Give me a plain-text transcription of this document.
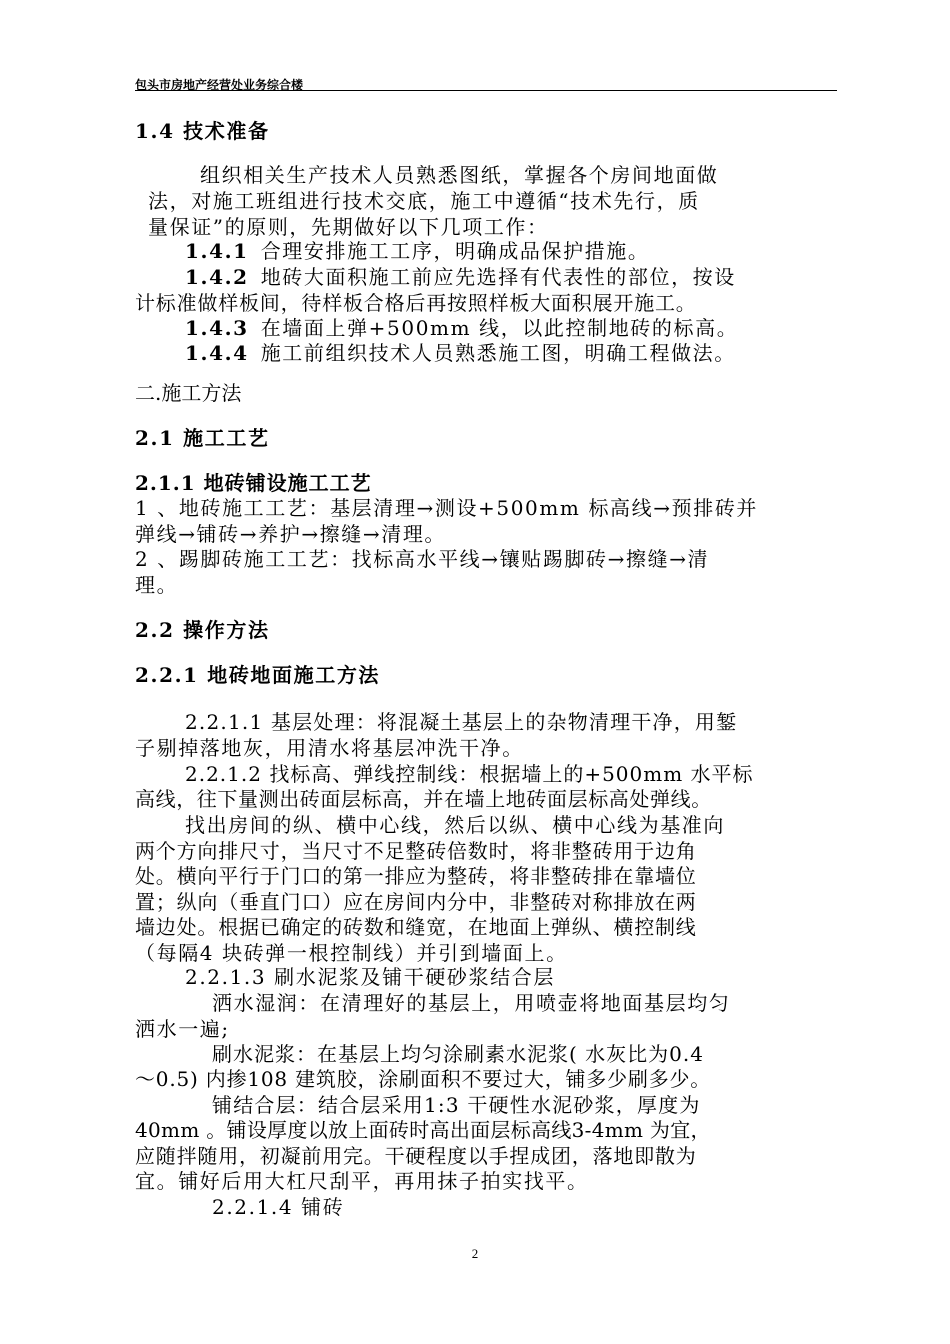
包头市房地产经营处业务综合楼
1.4 技术准备
组织相关生产技术人员熟悉图纸，掌握各个房间地面做
法，对施工班组进行技术交底，施工中遵循“技术先行，质
量保证”的原则，先期做好以下几项工作：
1.4.1 合理安排施工工序，明确成品保护措施。
1.4.2 地砖大面积施工前应先选择有代表性的部位，按设
计标准做样板间，待样板合格后再按照样板大面积展开施工。
1.4.3 在墙面上弹+500mm 线，以此控制地砖的标高。
1.4.4 施工前组织技术人员熟悉施工图，明确工程做法。
二.施工方法
2.1 施工工艺
2.1.1 地砖铺设施工工艺
1 、地砖施工工艺：基层清理→测设+500mm 标高线→预排砖并
弹线→铺砖→养护→擦缝→清理。
2 、踢脚砖施工工艺：找标高水平线→镶贴踢脚砖→擦缝→清
理。
2.2 操作方法
2.2.1 地砖地面施工方法
2.2.1.1 基层处理：将混凝土基层上的杂物清理干净，用錾
子剔掉落地灰，用清水将基层冲洗干净。
2.2.1.2 找标高、弹线控制线：根据墙上的+500mm 水平标
高线，往下量测出砖面层标高，并在墙上地砖面层标高处弹线。
找出房间的纵、横中心线，然后以纵、横中心线为基准向
两个方向排尺寸，当尺寸不足整砖倍数时，将非整砖用于边角
处。横向平行于门口的第一排应为整砖，将非整砖排在靠墙位
置；纵向（垂直门口）应在房间内分中，非整砖对称排放在两
墙边处。根据已确定的砖数和缝宽，在地面上弹纵、横控制线
（每隔4 块砖弹一根控制线）并引到墙面上。
2.2.1.3 刷水泥浆及铺干硬砂浆结合层
洒水湿润：在清理好的基层上，用喷壶将地面基层均匀
洒水一遍;
刷水泥浆：在基层上均匀涂刷素水泥浆( 水灰比为0.4
～0.5) 内掺108 建筑胶，涂刷面积不要过大，铺多少刷多少。
铺结合层：结合层采用1:3 干硬性水泥砂浆，厚度为
40mm 。铺设厚度以放上面砖时高出面层标高线3-4mm 为宜，
应随拌随用，初凝前用完。干硬程度以手捏成团，落地即散为
宜。铺好后用大杠尺刮平，再用抹子拍实找平。
2.2.1.4 铺砖
2
